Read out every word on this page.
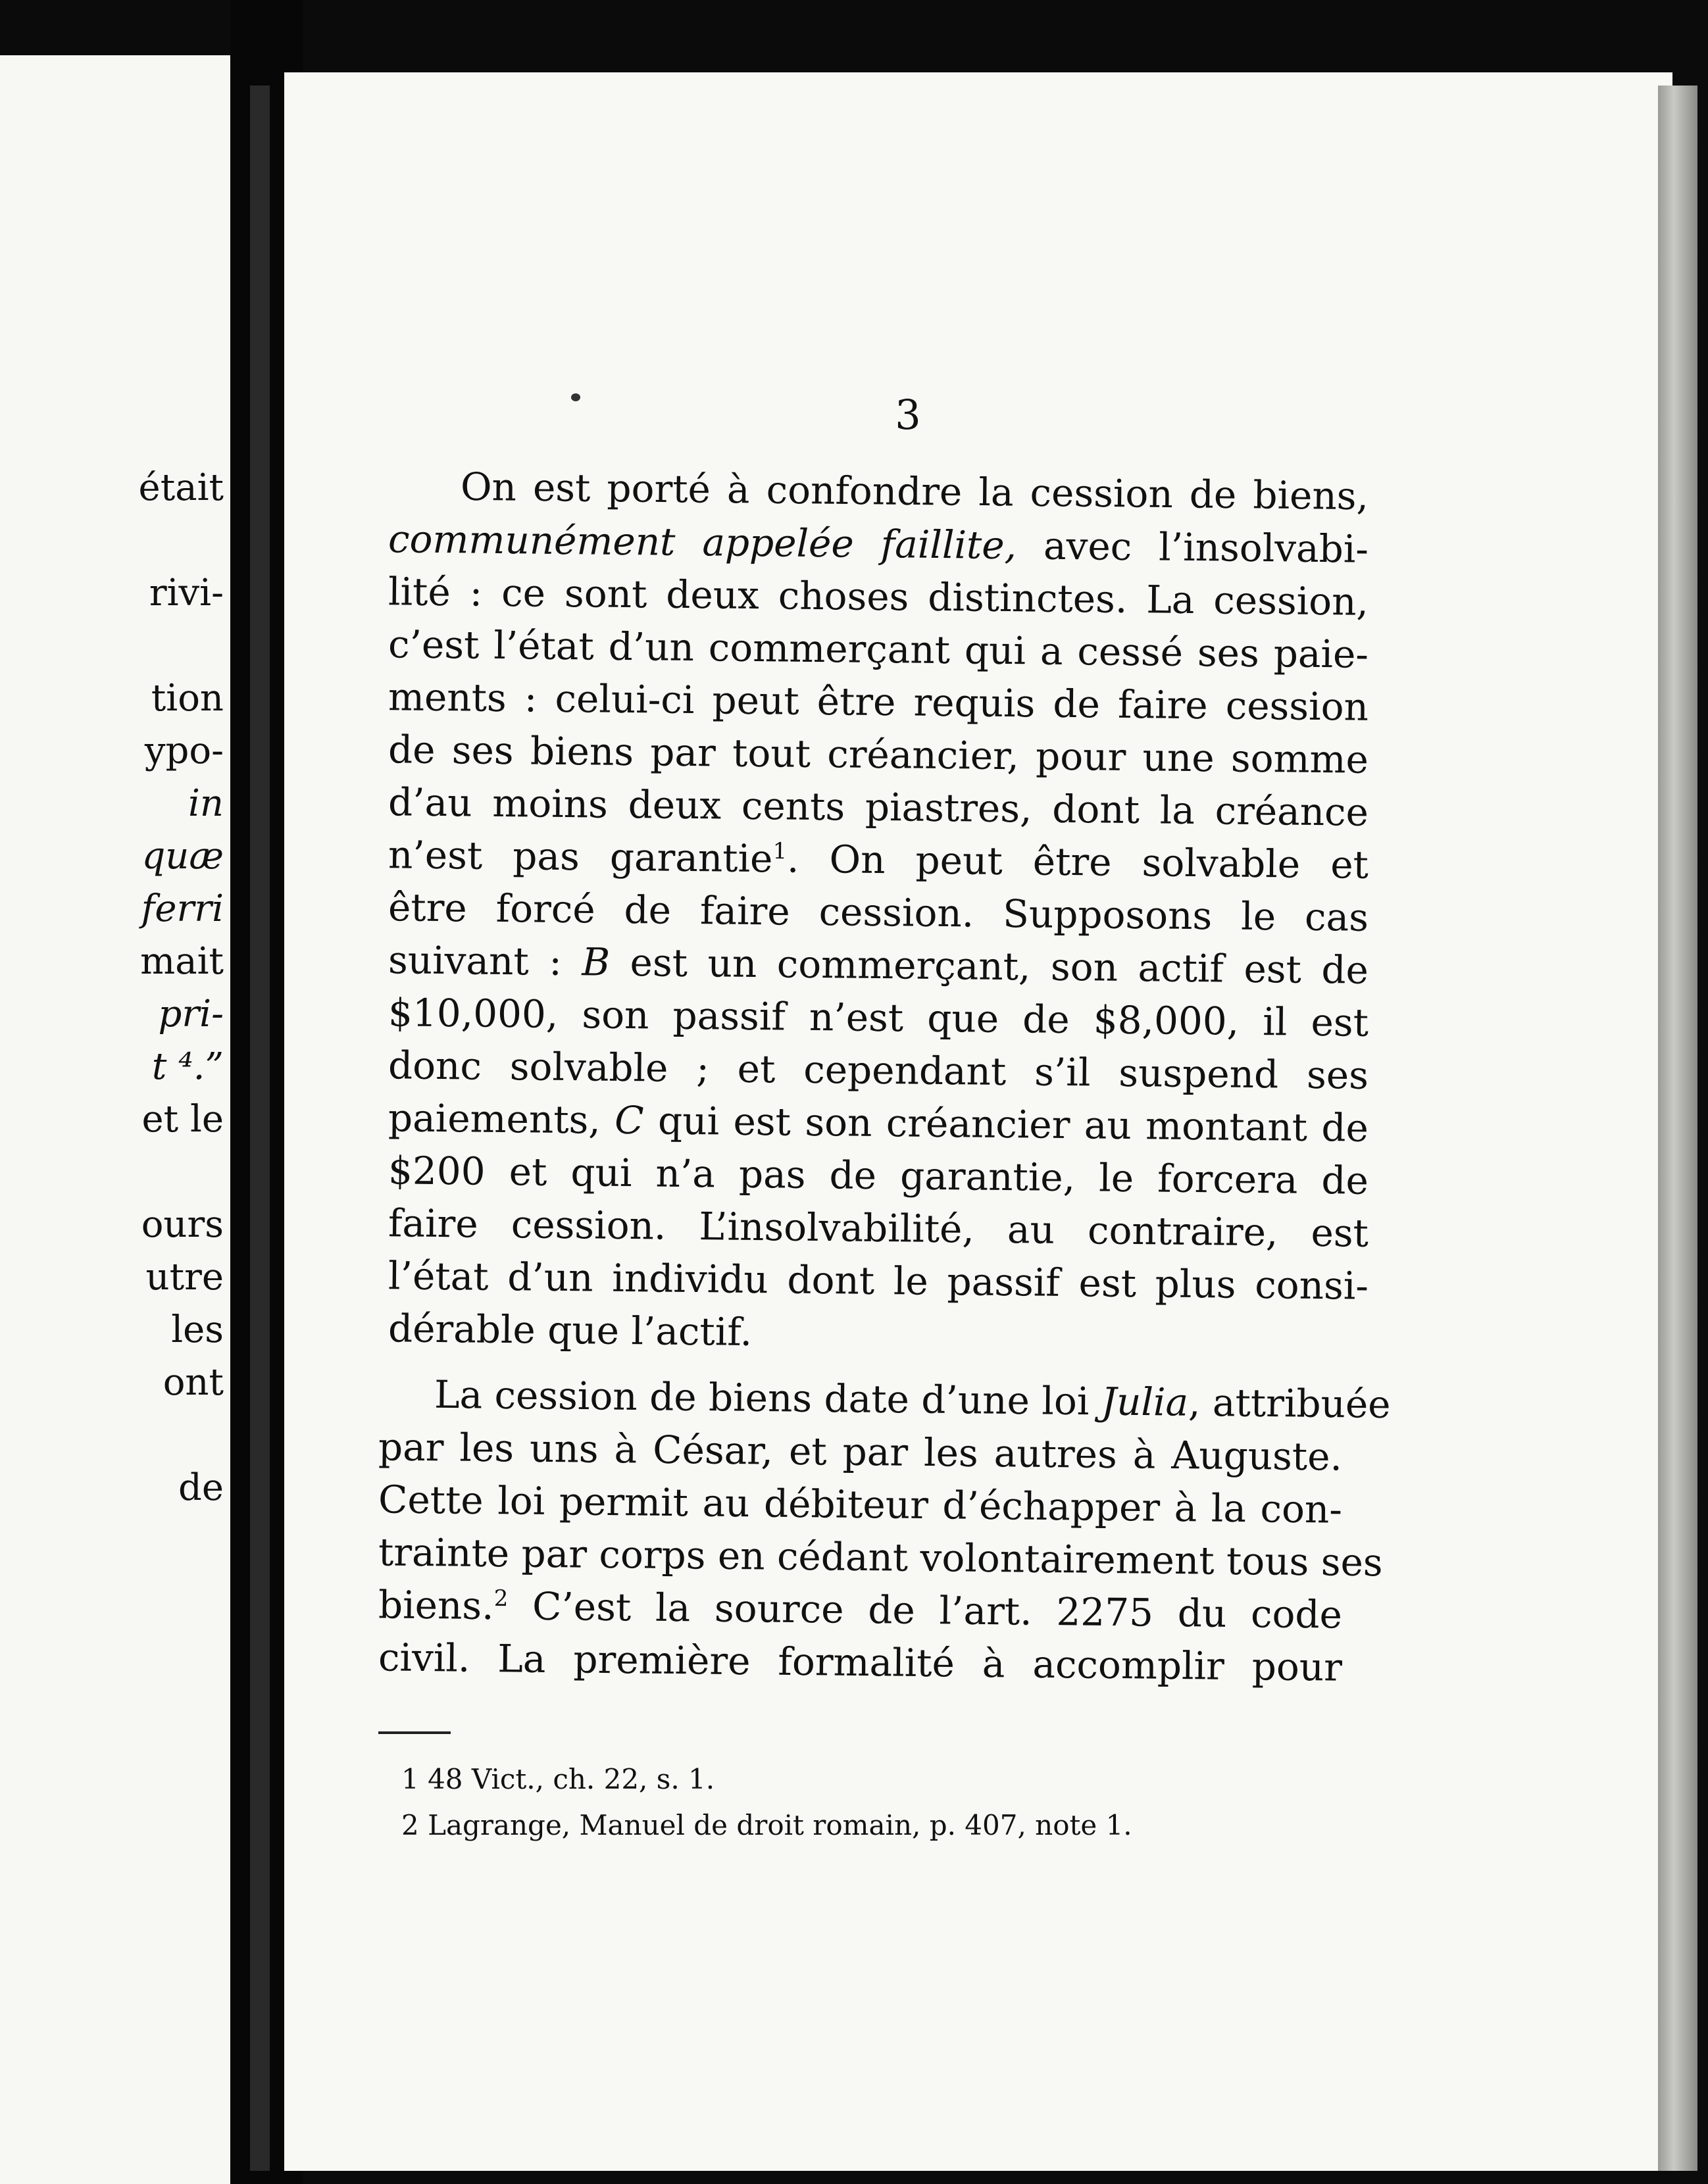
était
rivi-
tion
ypo-
in
quæ
ferri
mait
pri-
t ⁴.”
et le
ours
utre
les
ont
de
3
On est porté à confondre la cession de biens,
communément appelée faillite, avec l’insolvabi-
lité : ce sont deux choses distinctes. La cession,
c’est l’état d’un commerçant qui a cessé ses paie-
ments : celui-ci peut être requis de faire cession
de ses biens par tout créancier, pour une somme
d’au moins deux cents piastres, dont la créance
n’est pas garantie$^1$. On peut être solvable et
être forcé de faire cession. Supposons le cas
suivant : B est un commerçant, son actif est de
$10,000, son passif n’est que de $8,000, il est
donc solvable ; et cependant s’il suspend ses
paiements, C qui est son créancier au montant de
$200 et qui n’a pas de garantie, le forcera de
faire cession. L’insolvabilité, au contraire, est
l’état d’un individu dont le passif est plus consi-
dérable que l’actif.
La cession de biens date d’une loi Julia, attribuée
par les uns à César, et par les autres à Auguste.
Cette loi permit au débiteur d’échapper à la con-
trainte par corps en cédant volontairement tous ses
biens.$^2$ C’est la source de l’art. 2275 du code
civil. La première formalité à accomplir pour
1 48 Vict., ch. 22, s. 1.
2 Lagrange, Manuel de droit romain, p. 407, note 1.
